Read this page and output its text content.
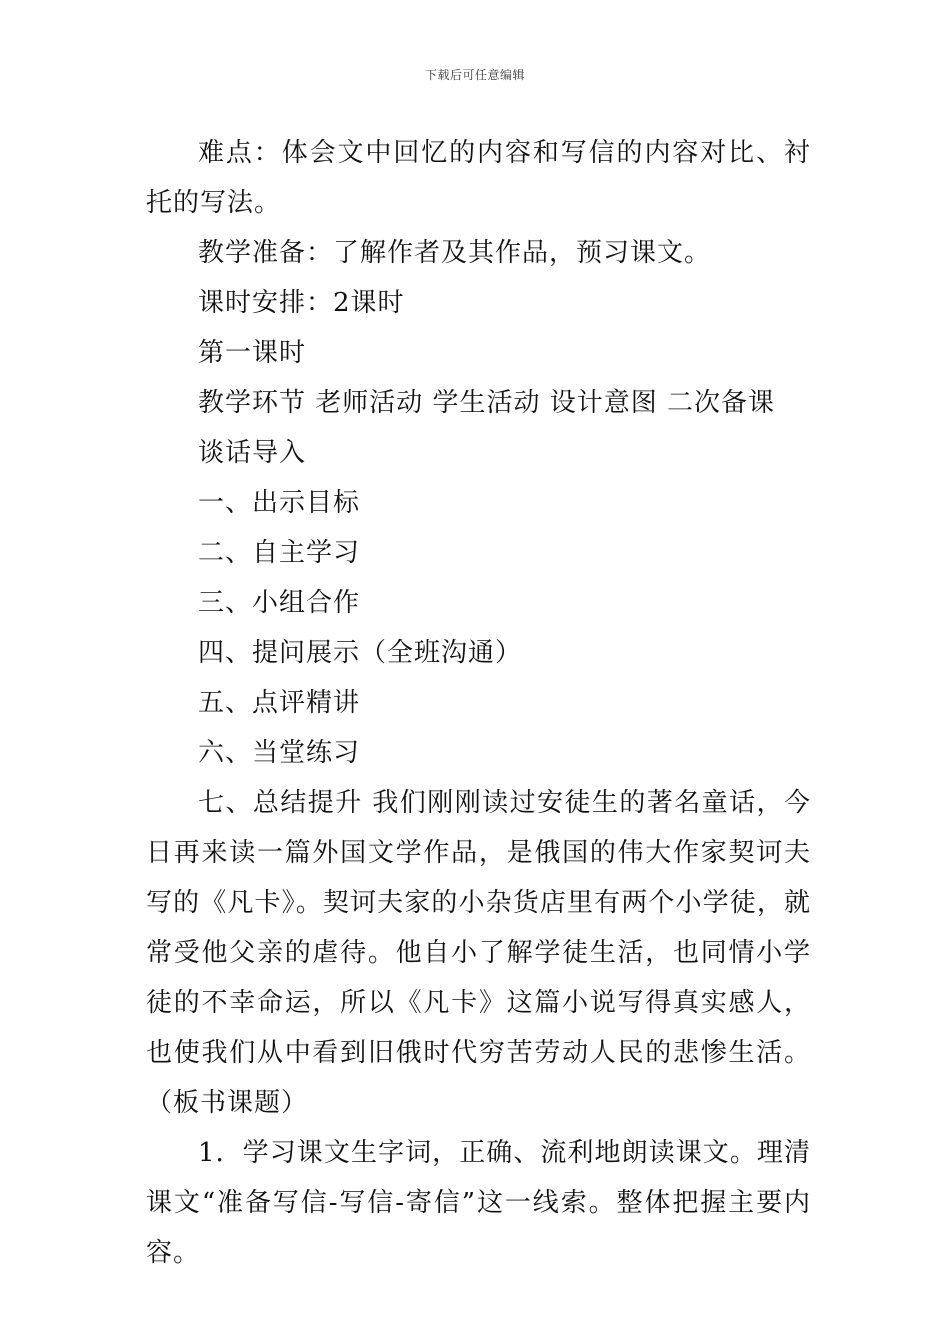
下载后可任意编辑

难点：体会文中回忆的内容和写信的内容对比、衬托的写法。

教学准备：了解作者及其作品，预习课文。

课时安排：2课时

第一课时

教学环节 老师活动 学生活动 设计意图 二次备课

谈话导入

一、出示目标

二、自主学习

三、小组合作

四、提问展示（全班沟通）

五、点评精讲

六、当堂练习

七、总结提升 我们刚刚读过安徒生的著名童话，今日再来读一篇外国文学作品，是俄国的伟大作家契诃夫写的《凡卡》。契诃夫家的小杂货店里有两个小学徒，就常受他父亲的虐待。他自小了解学徒生活，也同情小学徒的不幸命运，所以《凡卡》这篇小说写得真实感人，也使我们从中看到旧俄时代穷苦劳动人民的悲惨生活。（板书课题）

1．学习课文生字词，正确、流利地朗读课文。理清课文“准备写信-写信-寄信”这一线索。整体把握主要内容。
